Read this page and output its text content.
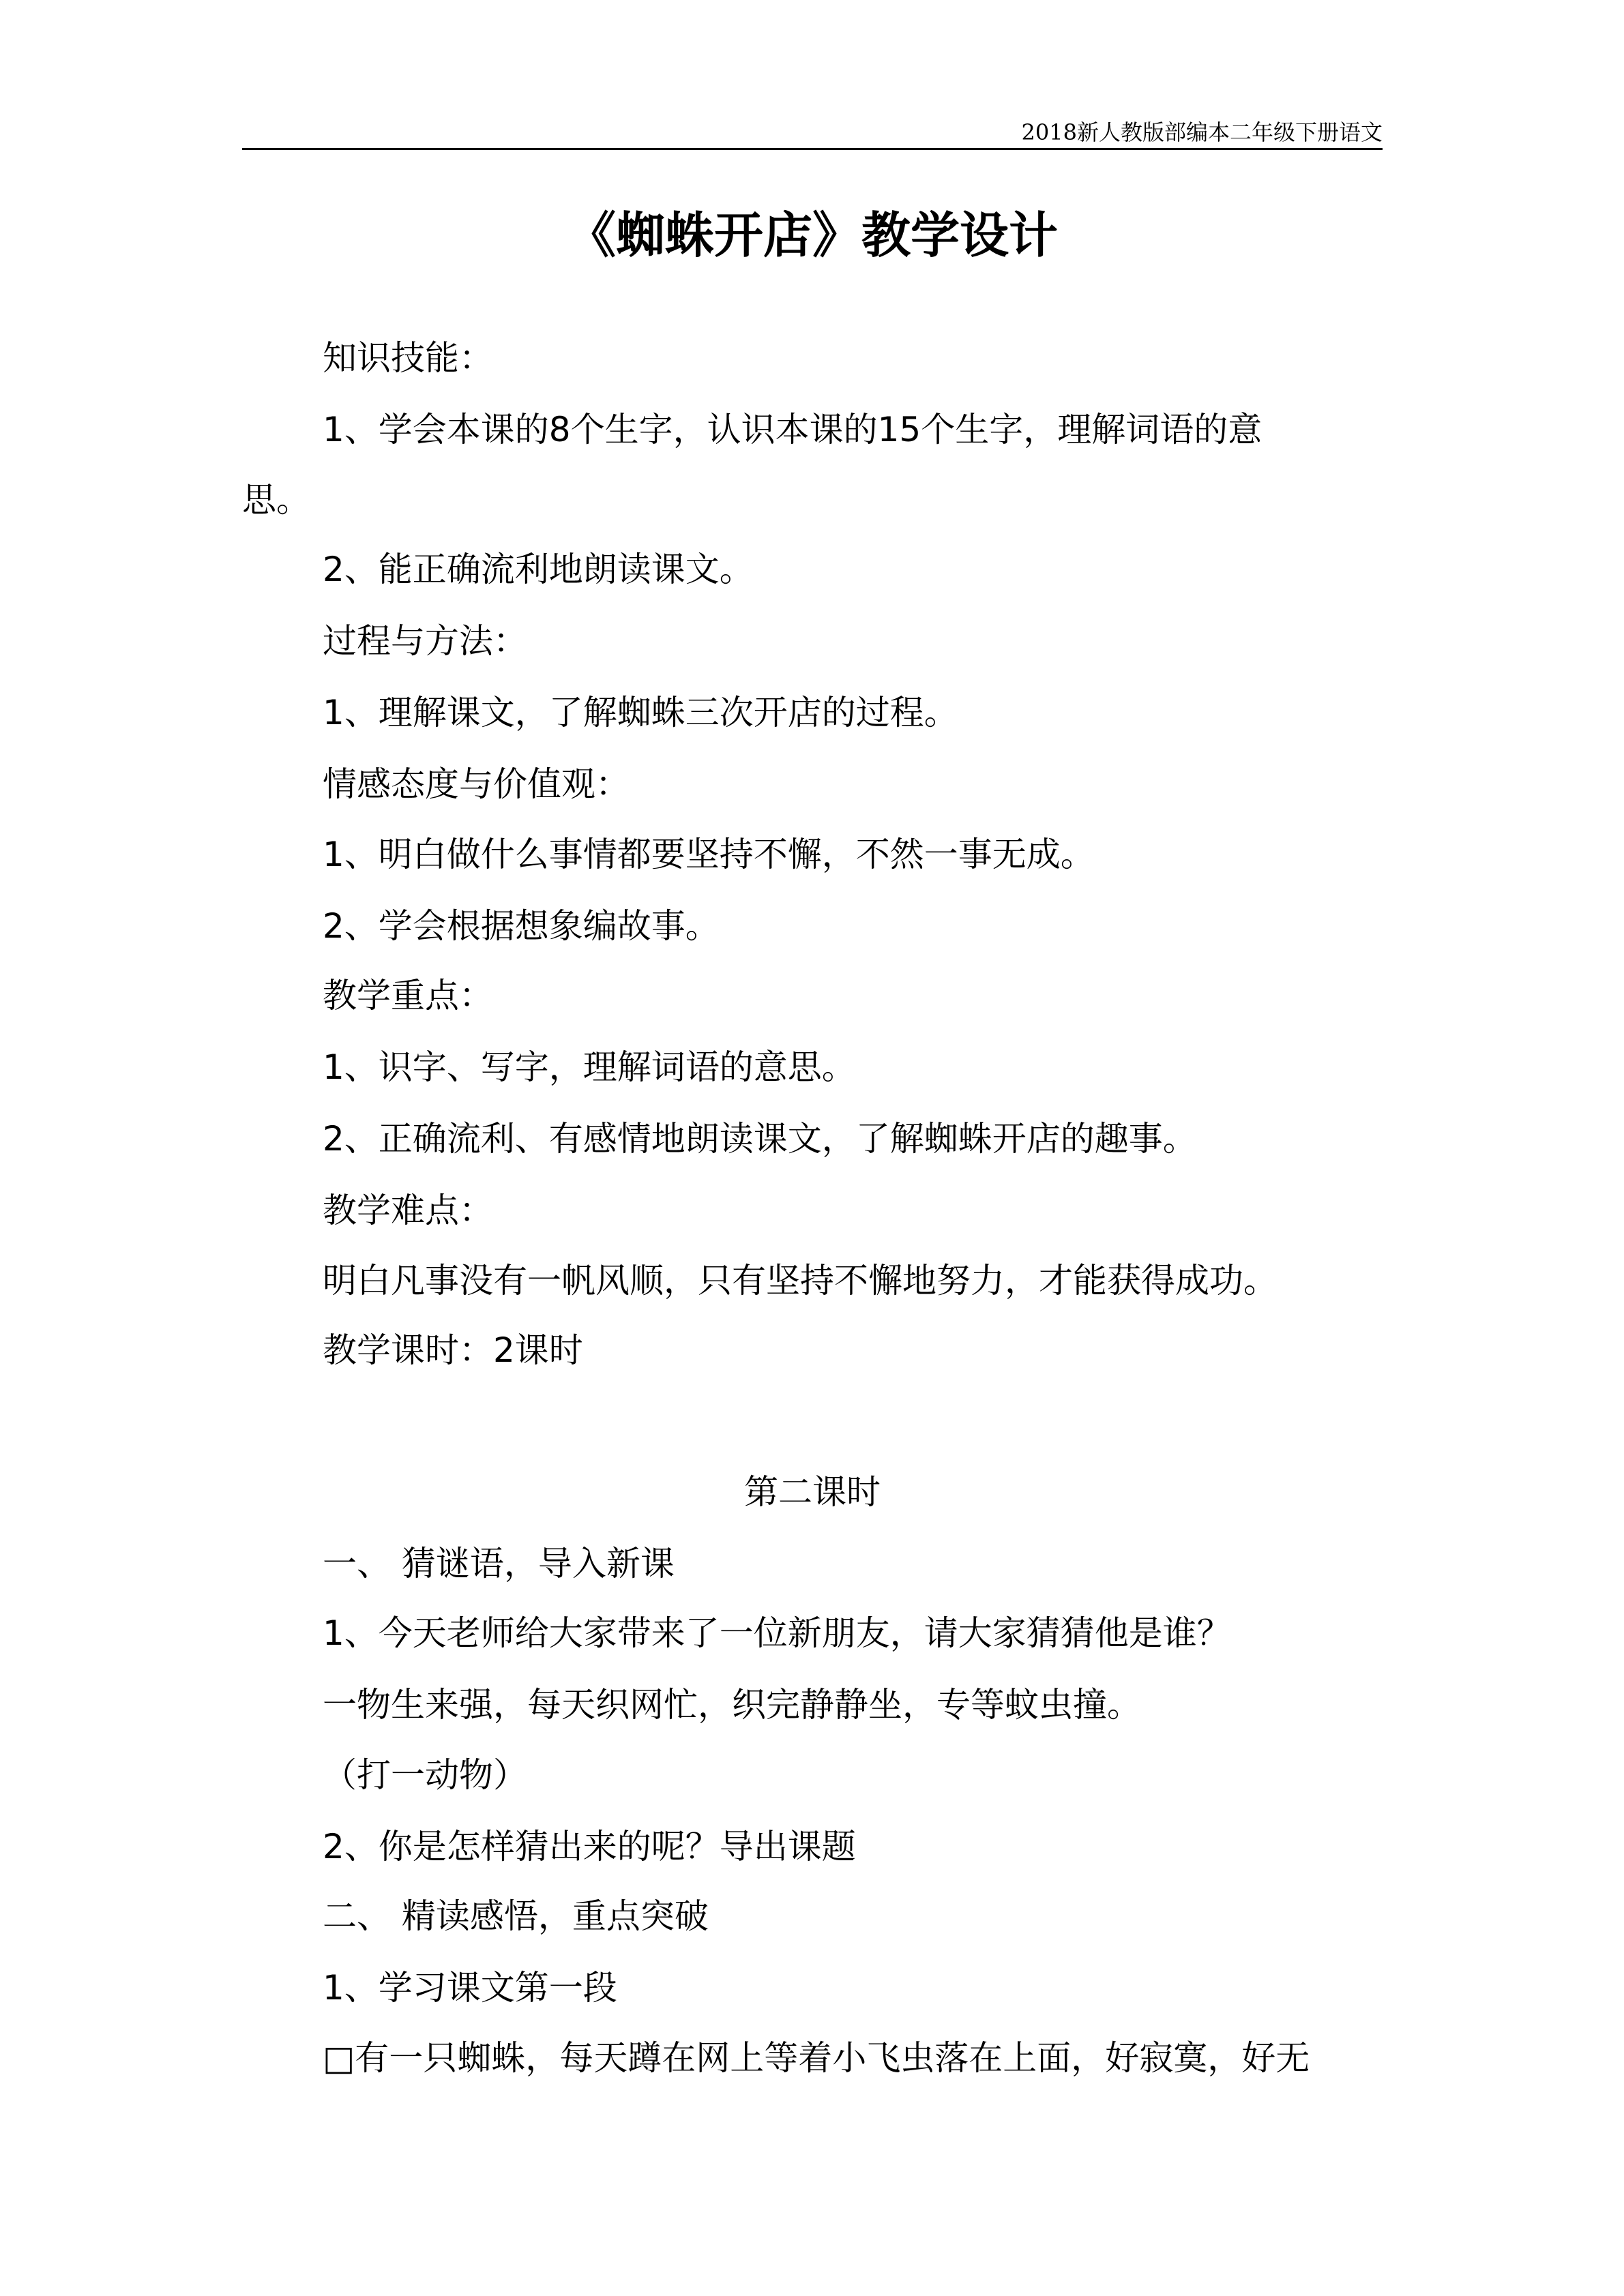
2018新人教版部编本二年级下册语文
《蜘蛛开店》教学设计
知识技能：
1、学会本课的8个生字，认识本课的15个生字，理解词语的意
思。
2、能正确流利地朗读课文。
过程与方法：
1、理解课文，了解蜘蛛三次开店的过程。
情感态度与价值观：
1、明白做什么事情都要坚持不懈，不然一事无成。
2、学会根据想象编故事。
教学重点：
1、识字、写字，理解词语的意思。
2、正确流利、有感情地朗读课文，了解蜘蛛开店的趣事。
教学难点：
明白凡事没有一帆风顺，只有坚持不懈地努力，才能获得成功。
教学课时：2课时
第二课时
一、 猜谜语，导入新课
1、今天老师给大家带来了一位新朋友，请大家猜猜他是谁？
一物生来强，每天织网忙，织完静静坐，专等蚊虫撞。
（打一动物）
2、你是怎样猜出来的呢？导出课题
二、 精读感悟，重点突破
1、学习课文第一段
□有一只蜘蛛，每天蹲在网上等着小飞虫落在上面，好寂寞，好无
